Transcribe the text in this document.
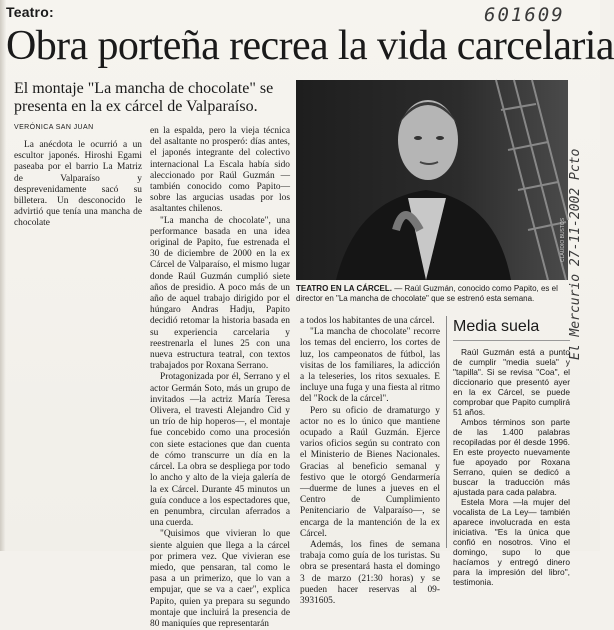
Teatro:	601609
El Mercurio 27-11-2002 Pcto
Obra porteña recrea la vida carcelaria
El montaje "La mancha de chocolate" se presenta en la ex cárcel de Valparaíso.
VERÓNICA SAN JUAN

La anécdota le ocurrió a un escultor japonés. Hiroshi Egami paseaba por el barrio La Matriz de Valparaíso y desprevenidamente sacó su billetera. Un desconocido le advirtió que tenía una mancha de chocolate

en la espalda, pero la vieja técnica del asaltante no prosperó: días antes, el japonés integrante del colectivo internacional La Escala había sido aleccionado por Raúl Guzmán —también conocido como Papito— sobre las argucias usadas por los asaltantes chilenos.

"La mancha de chocolate", una performance basada en una idea original de Papito, fue estrenada el 30 de diciembre de 2000 en la ex Cárcel de Valparaíso, el mismo lugar donde Raúl Guzmán cumplió siete años de presidio. A poco más de un año de aquel trabajo dirigido por el húngaro Andras Hadju, Papito decidió retomar la historia basada en su experiencia carcelaria y reestrenarla el lunes 25 con una nueva estructura teatral, con textos trabajados por Roxana Serrano.

Protagonizada por él, Serrano y el actor Germán Soto, más un grupo de invitados —la actriz María Teresa Olivera, el travesti Alejandro Cid y un trío de hip hoperos—, el montaje fue concebido como una procesión con siete estaciones que dan cuenta de cómo transcurre un día en la cárcel. La obra se despliega por todo lo ancho y alto de la vieja galería de la ex Cárcel. Durante 45 minutos un guía conduce a los espectadores que, en penumbra, circulan aferrados a una cuerda.

"Quisimos que vivieran lo que siente alguien que llega a la cárcel por primera vez. Que vivieran ese miedo, que pensaran, tal como le pasa a un primerizo, que lo van a empujar, que se va a caer", explica Papito, quien ya prepara su segundo montaje que incluirá la presencia de 80 maniquíes que representarán

CLAUDIO BUSTOS
TEATRO EN LA CÁRCEL. — Raúl Guzmán, conocido como Papito, es el director en "La mancha de chocolate" que se estrenó esta semana.

a todos los habitantes de una cárcel.

"La mancha de chocolate" recorre los temas del encierro, los cortes de luz, los campeonatos de fútbol, las visitas de los familiares, la adicción a la teleseries, los ritos sexuales. E incluye una fuga y una fiesta al ritmo del "Rock de la cárcel".

Pero su oficio de dramaturgo y actor no es lo único que mantiene ocupado a Raúl Guzmán. Ejerce varios oficios según su contrato con el Ministerio de Bienes Nacionales. Gracias al beneficio semanal y festivo que le otorgó Gendarmería —duerme de lunes a jueves en el Centro de Cumplimiento Penitenciario de Valparaíso—, se encarga de la mantención de la ex Cárcel.

Además, los fines de semana trabaja como guía de los turistas. Su obra se presentará hasta el domingo 3 de marzo (21:30 horas) y se pueden hacer reservas al 09-3931605.

Media suela

Raúl Guzmán está a punto de cumplir "media suela" y "tapilla". Si se revisa "Coa", el diccionario que presentó ayer en la ex Cárcel, se puede comprobar que Papito cumplirá 51 años.

Ambos términos son parte de las 1.400 palabras recopiladas por él desde 1996. En este proyecto nuevamente fue apoyado por Roxana Serrano, quien se dedicó a buscar la traducción más ajustada para cada palabra.

Estela Mora —la mujer del vocalista de La Ley— también aparece involucrada en esta iniciativa. "Es la única que confió en nosotros. Vino el domingo, supo lo que hacíamos y entregó dinero para la impresión del libro", testimonia.
